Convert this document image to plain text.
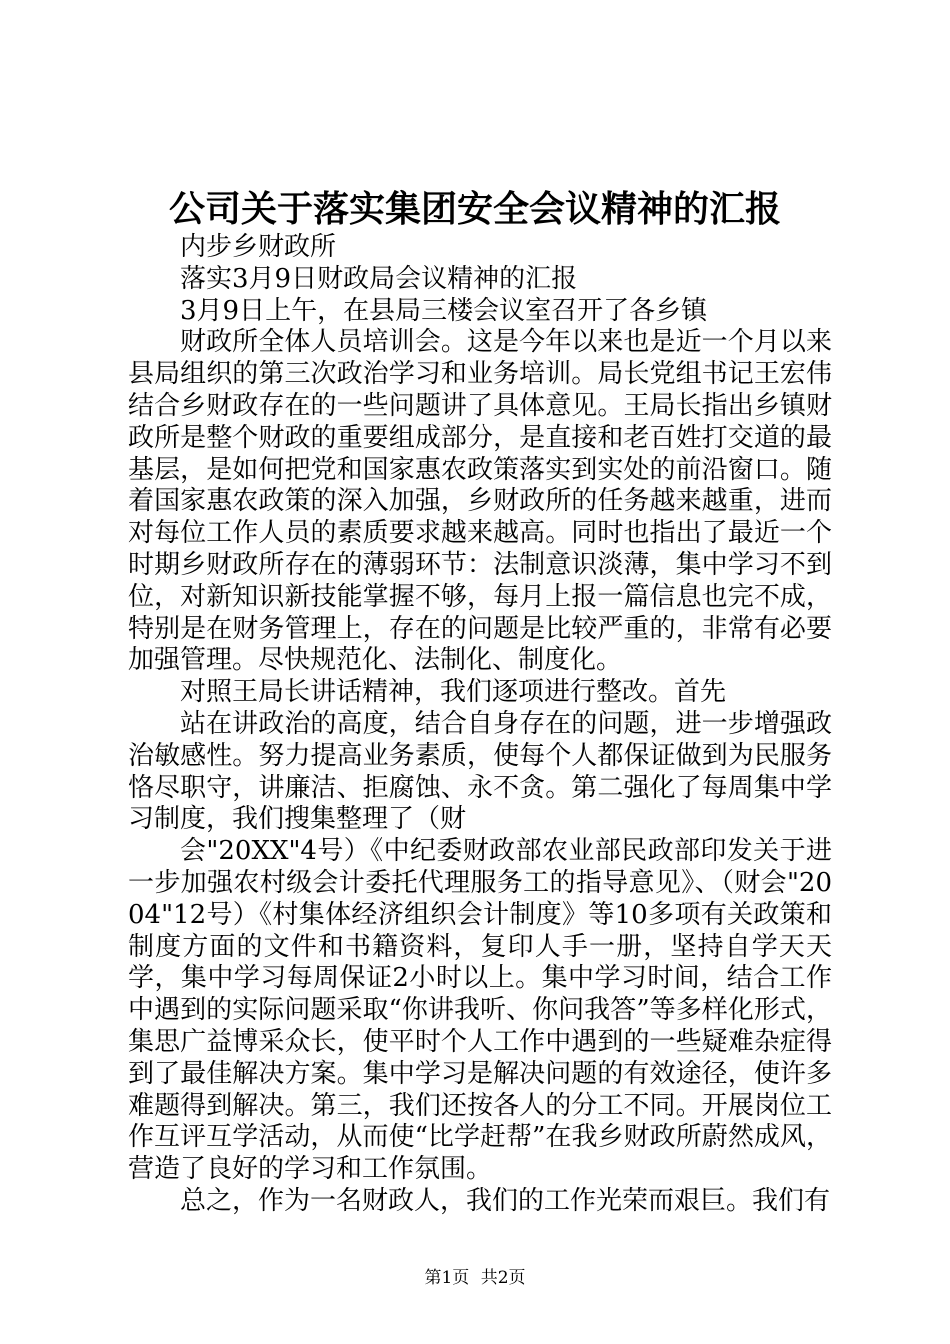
公司关于落实集团安全会议精神的汇报

内步乡财政所

落实3月9日财政局会议精神的汇报

3月9日上午，在县局三楼会议室召开了各乡镇

财政所全体人员培训会。这是今年以来也是近一个月以来县局组织的第三次政治学习和业务培训。局长党组书记王宏伟结合乡财政存在的一些问题讲了具体意见。王局长指出乡镇财政所是整个财政的重要组成部分，是直接和老百姓打交道的最基层，是如何把党和国家惠农政策落实到实处的前沿窗口。随着国家惠农政策的深入加强，乡财政所的任务越来越重，进而对每位工作人员的素质要求越来越高。同时也指出了最近一个时期乡财政所存在的薄弱环节：法制意识淡薄，集中学习不到位，对新知识新技能掌握不够，每月上报一篇信息也完不成，特别是在财务管理上，存在的问题是比较严重的，非常有必要加强管理。尽快规范化、法制化、制度化。

对照王局长讲话精神，我们逐项进行整改。首先

站在讲政治的高度，结合自身存在的问题，进一步增强政治敏感性。努力提高业务素质，使每个人都保证做到为民服务恪尽职守，讲廉洁、拒腐蚀、永不贪。第二强化了每周集中学习制度，我们搜集整理了（财

会"20XX"4号）《中纪委财政部农业部民政部印发关于进一步加强农村级会计委托代理服务工的指导意见》、（财会"2004"12号）《村集体经济组织会计制度》等10多项有关政策和制度方面的文件和书籍资料，复印人手一册，坚持自学天天学，集中学习每周保证2小时以上。集中学习时间，结合工作中遇到的实际问题采取“你讲我听、你问我答”等多样化形式，集思广益博采众长，使平时个人工作中遇到的一些疑难杂症得到了最佳解决方案。集中学习是解决问题的有效途径，使许多难题得到解决。第三，我们还按各人的分工不同。开展岗位工作互评互学活动，从而使“比学赶帮”在我乡财政所蔚然成风，营造了良好的学习和工作氛围。

总之，作为一名财政人，我们的工作光荣而艰巨。我们有

第1页 共2页
